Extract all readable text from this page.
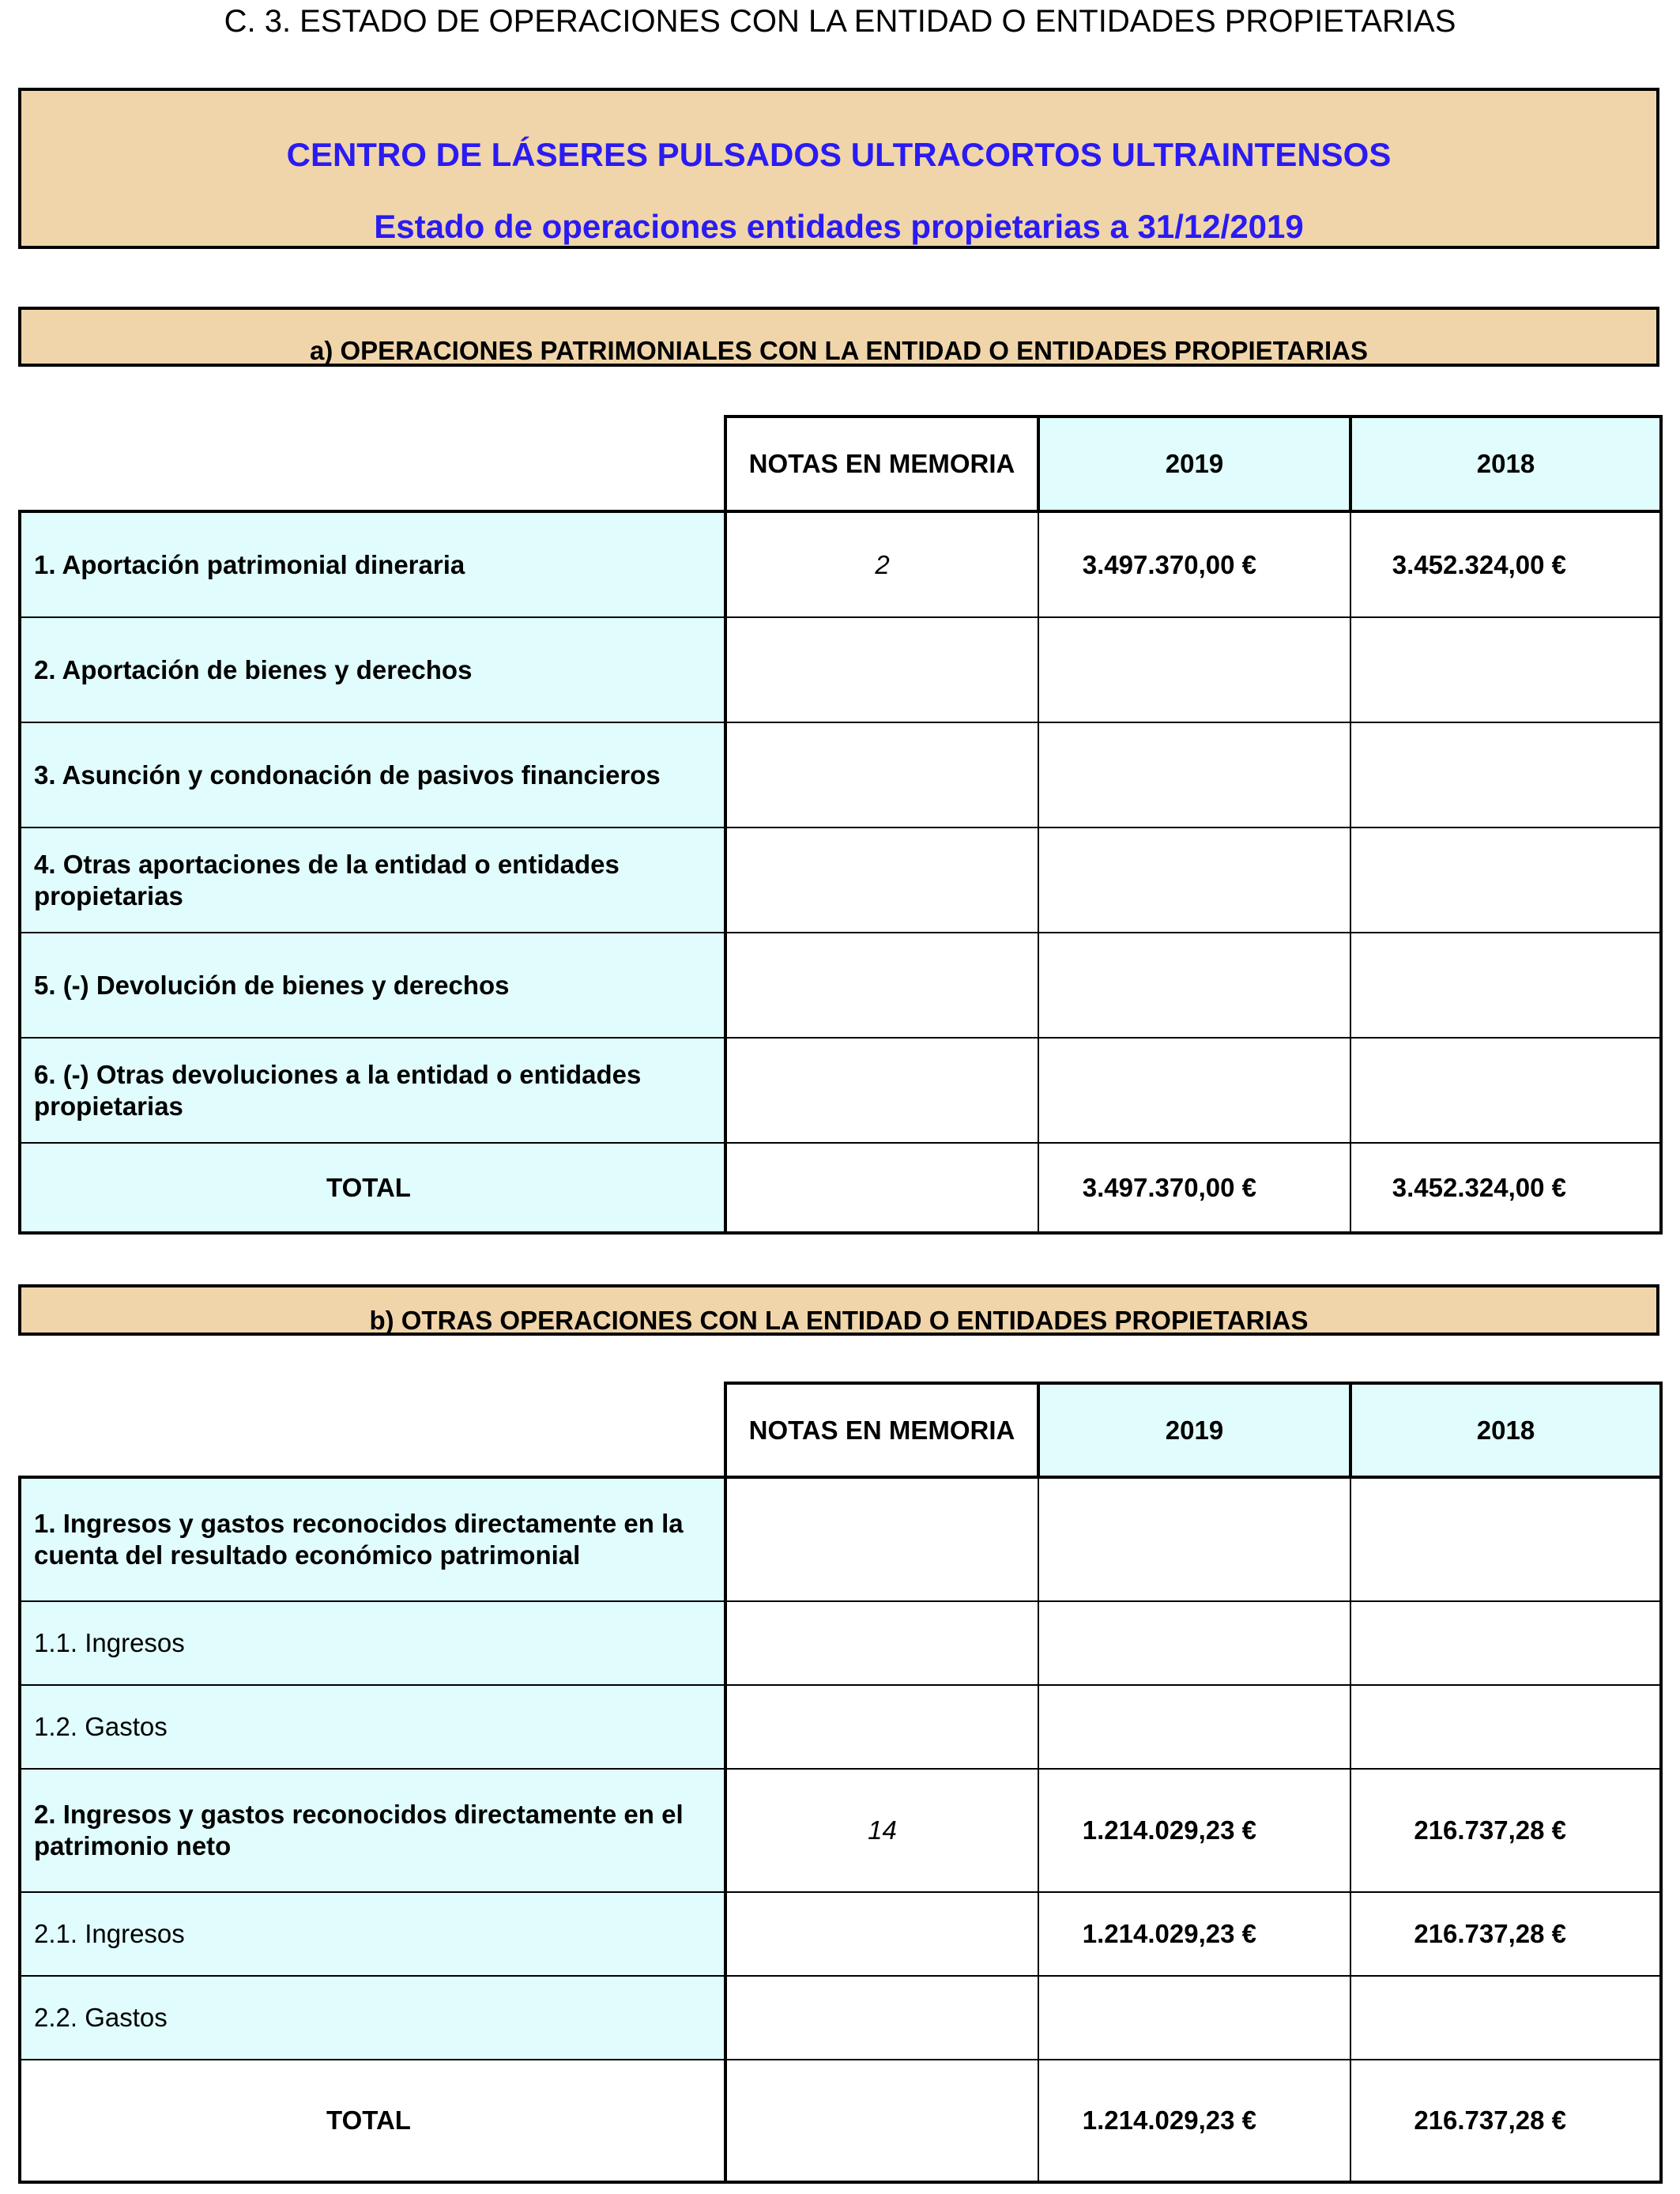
C. 3. ESTADO DE OPERACIONES CON LA ENTIDAD O ENTIDADES PROPIETARIAS
CENTRO DE LÁSERES PULSADOS ULTRACORTOS ULTRAINTENSOS
Estado de operaciones entidades propietarias a 31/12/2019
a) OPERACIONES PATRIMONIALES CON LA ENTIDAD O ENTIDADES PROPIETARIAS
	NOTAS EN MEMORIA	2019	2018
1. Aportación patrimonial dineraria	2	3.497.370,00 €	3.452.324,00 €
2. Aportación de bienes y derechos			
3. Asunción y condonación de pasivos financieros			
4. Otras aportaciones de la entidad o entidades propietarias			
5. (-) Devolución de bienes y derechos			
6. (-) Otras devoluciones a la entidad o entidades propietarias			
TOTAL		3.497.370,00 €	3.452.324,00 €
b) OTRAS OPERACIONES CON LA ENTIDAD O ENTIDADES PROPIETARIAS
	NOTAS EN MEMORIA	2019	2018
1. Ingresos y gastos reconocidos directamente en la cuenta del resultado económico patrimonial			
1.1. Ingresos			
1.2. Gastos			
2. Ingresos y gastos reconocidos directamente en el patrimonio neto	14	1.214.029,23 €	216.737,28 €
2.1. Ingresos		1.214.029,23 €	216.737,28 €
2.2. Gastos			
TOTAL		1.214.029,23 €	216.737,28 €
